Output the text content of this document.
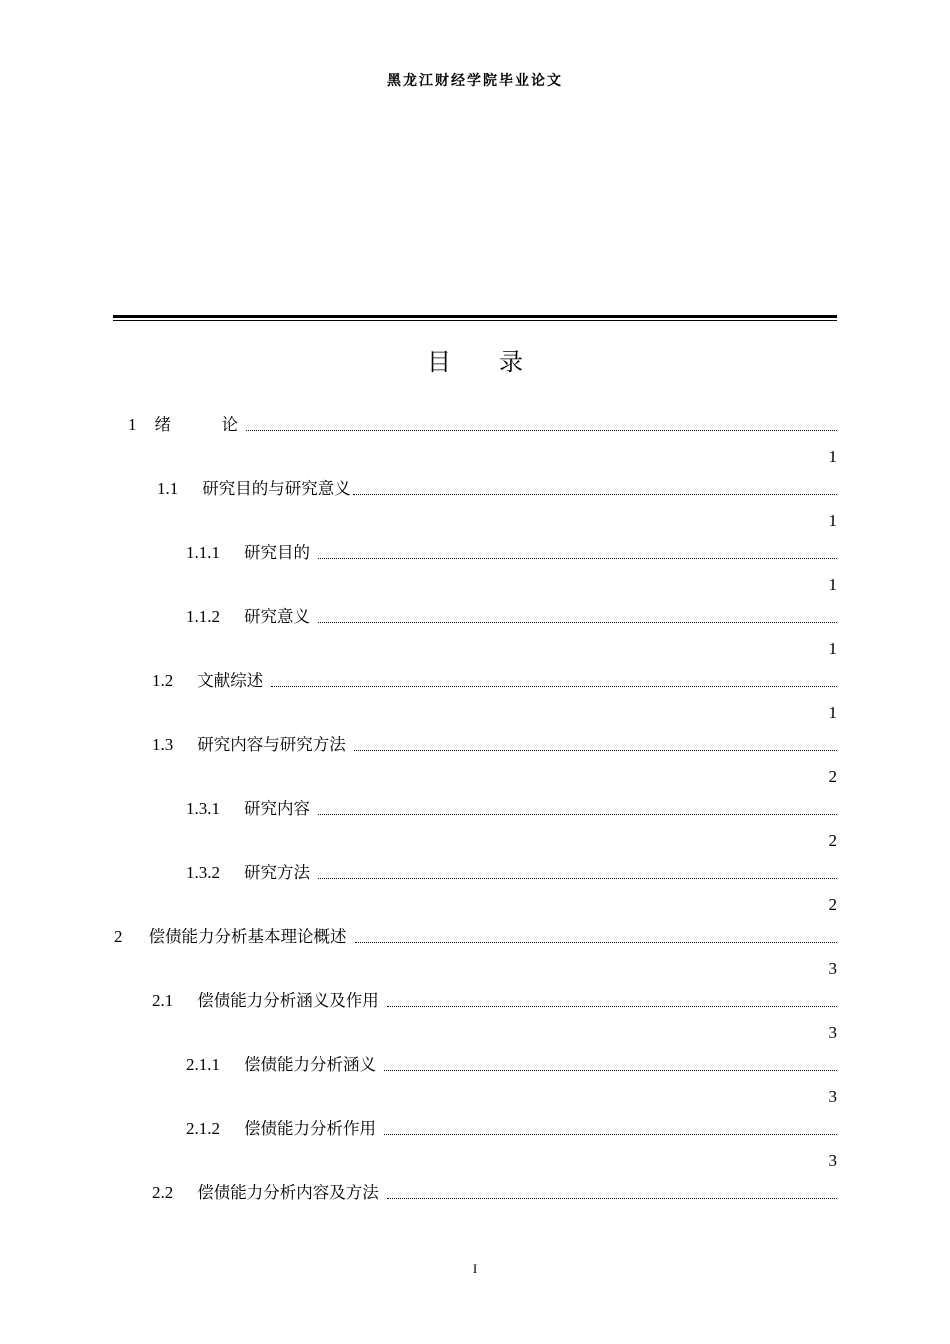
黑龙江财经学院毕业论文
目 录
1 绪  论
1
1.1 研究目的与研究意义
1
1.1.1 研究目的
1
1.1.2 研究意义
1
1.2 文献综述
1
1.3 研究内容与研究方法
2
1.3.1 研究内容
2
1.3.2 研究方法
2
2 偿债能力分析基本理论概述
3
2.1 偿债能力分析涵义及作用
3
2.1.1 偿债能力分析涵义
3
2.1.2 偿债能力分析作用
3
2.2 偿债能力分析内容及方法
I
